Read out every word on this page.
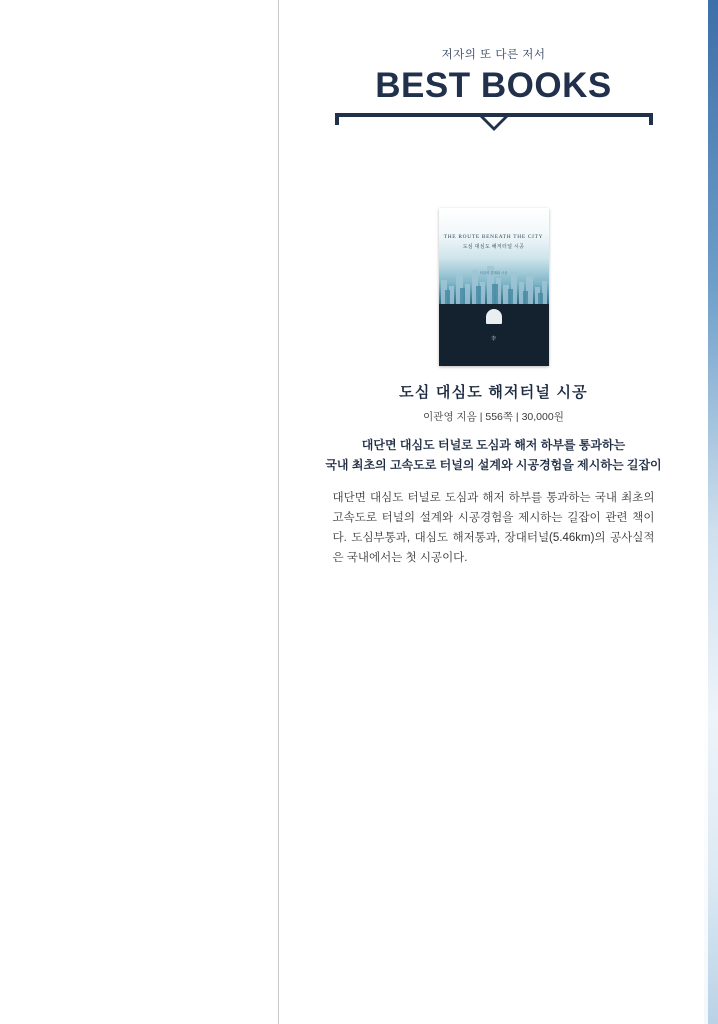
저자의 또 다른 저서
BEST BOOKS
THE ROUTE BENEATH THE CITY
도심 대심도 해저터널 시공
터널의 설계와 시공
李
도심 대심도 해저터널 시공
이관영 지음 | 556쪽 | 30,000원
대단면 대심도 터널로 도심과 해저 하부를 통과하는
국내 최초의 고속도로 터널의 설계와 시공경험을 제시하는 길잡이
대단면 대심도 터널로 도심과 해저 하부를 통과하는 국내 최초의 고속도로 터널의 설계와 시공경험을 제시하는 길잡이 관련 책이다. 도심부통과, 대심도 해저통과, 장대터널(5.46km)의 공사실적은 국내에서는 첫 시공이다.
